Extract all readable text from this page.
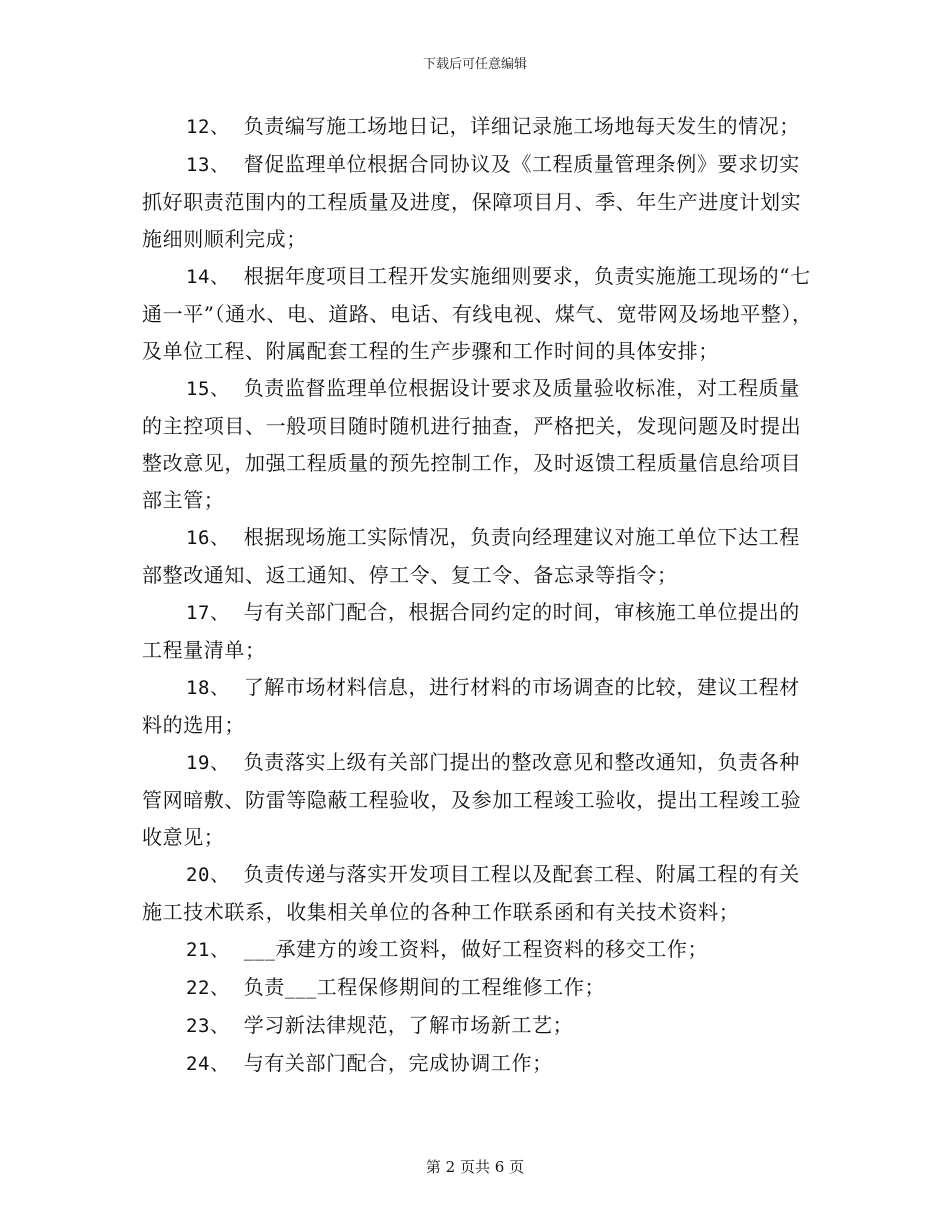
下载后可任意编辑

12、 负责编写施工场地日记，详细记录施工场地每天发生的情况；

13、 督促监理单位根据合同协议及《工程质量管理条例》要求切实抓好职责范围内的工程质量及进度，保障项目月、季、年生产进度计划实施细则顺利完成；

14、 根据年度项目工程开发实施细则要求，负责实施施工现场的“七通一平”（通水、电、道路、电话、有线电视、煤气、宽带网及场地平整），及单位工程、附属配套工程的生产步骤和工作时间的具体安排；

15、 负责监督监理单位根据设计要求及质量验收标准，对工程质量的主控项目、一般项目随时随机进行抽查，严格把关，发现问题及时提出整改意见，加强工程质量的预先控制工作，及时返馈工程质量信息给项目部主管；

16、 根据现场施工实际情况，负责向经理建议对施工单位下达工程部整改通知、返工通知、停工令、复工令、备忘录等指令；

17、 与有关部门配合，根据合同约定的时间，审核施工单位提出的工程量清单；

18、 了解市场材料信息，进行材料的市场调查的比较，建议工程材料的选用；

19、 负责落实上级有关部门提出的整改意见和整改通知，负责各种管网暗敷、防雷等隐蔽工程验收，及参加工程竣工验收，提出工程竣工验收意见；

20、 负责传递与落实开发项目工程以及配套工程、附属工程的有关施工技术联系，收集相关单位的各种工作联系函和有关技术资料；

21、 ___承建方的竣工资料，做好工程资料的移交工作；

22、 负责___工程保修期间的工程维修工作；

23、 学习新法律规范，了解市场新工艺；

24、 与有关部门配合，完成协调工作；

第 2 页共 6 页
